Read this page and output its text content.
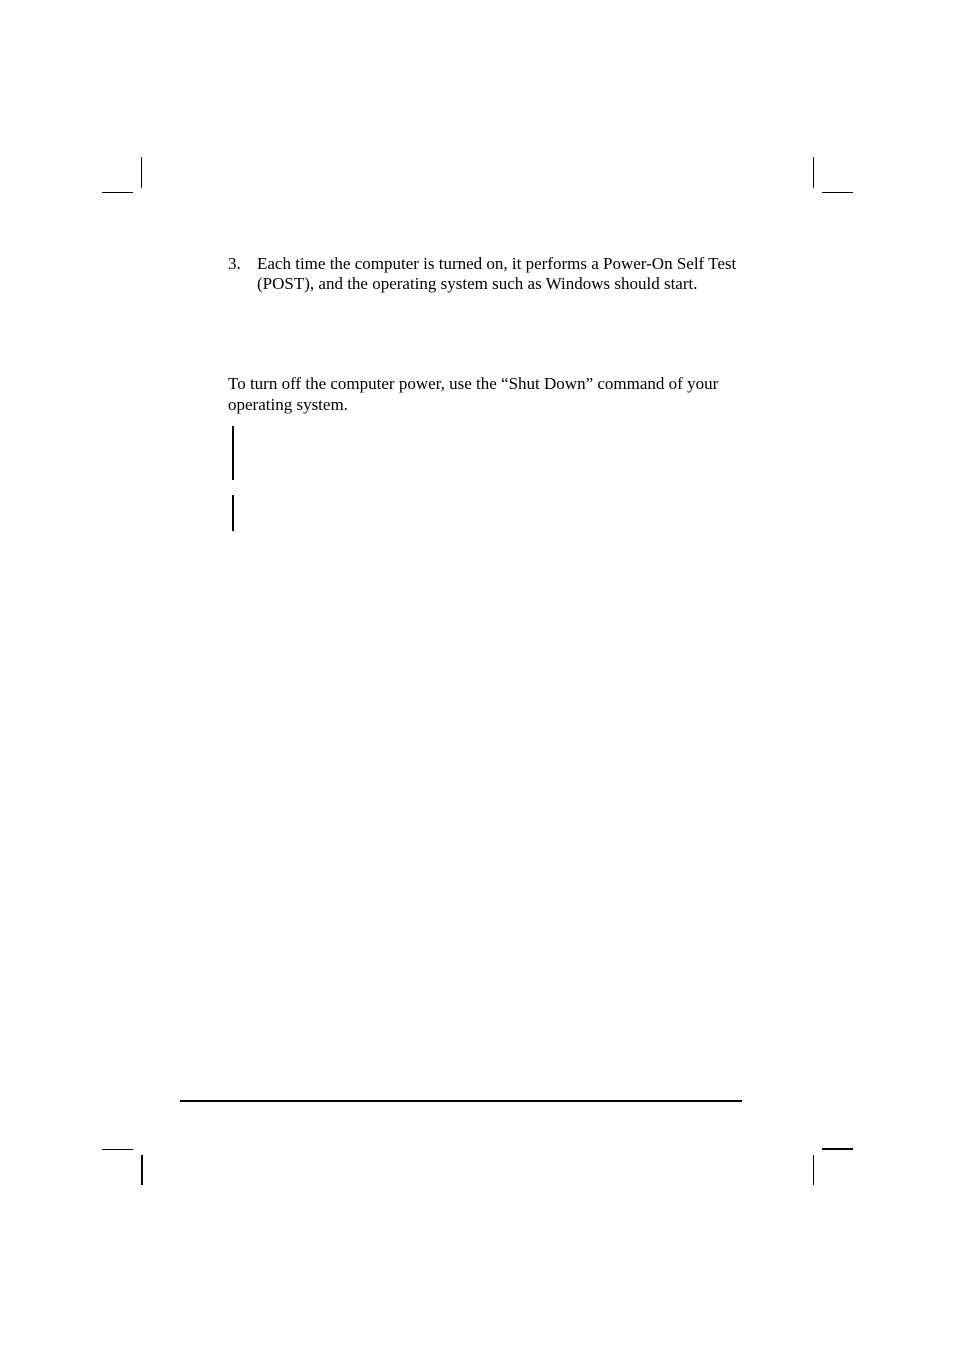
3. Each time the computer is turned on, it performs a Power-On Self Test (POST), and the operating system such as Windows should start.
To turn off the computer power, use the “Shut Down” command of your operating system.
